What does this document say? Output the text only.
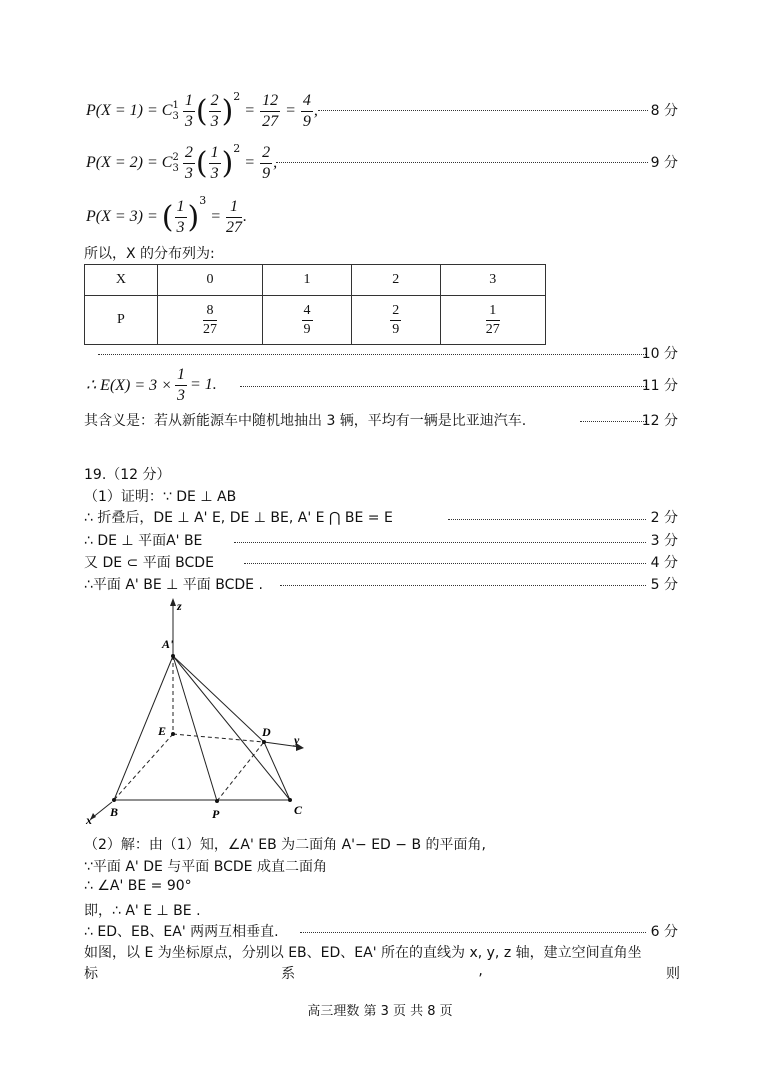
P(X = 1) = C 1
$3 \frac{1}{3}$ ( $\frac{2}{3}$ ) 2
= $\frac{12}{27} = \frac{4}{9}$ ,	8 分
P(X = 2) = C 2
$3 \frac{2}{3}$ ( $\frac{1}{3}$ ) 2
= $\frac{2}{9}$ ,	9 分
P(X = 3) = ( $\frac{1}{3}$ ) 3
= $\frac{1}{27}$ .
所以，X 的分布列为:
X	0	1	2	3
P	$\frac{8}{27}$	$\frac{4}{9}$	$\frac{2}{9}$	$\frac{1}{27}$
10 分
∴ $E(X) = 3 \times \frac{1}{3} = 1$.	11 分
其含义是：若从新能源车中随机地抽出 3 辆，平均有一辆是比亚迪汽车.	12 分
19.（12 分）
（1）证明：∵ DE ⊥ AB
∴ 折叠后，DE ⊥ A' E, DE ⊥ BE, A' E ⋂ BE = E	2 分
∴ DE ⊥ 平面A' BE	3 分
又 DE ⊂ 平面 BCDE	4 分
∴平面 A' BE ⊥ 平面 BCDE .	5 分
z
A'
E	D
y
x
B	P	C
（2）解：由（1）知，∠A' EB 为二面角 A'− ED − B 的平面角,
∵平面 A' DE 与平面 BCDE 成直二面角
∴ ∠A' BE = 90°
即，∴ A' E ⊥ BE .
∴ ED、EB、EA' 两两互相垂直.	6 分
如图，以 E 为坐标原点，分别以 EB、ED、EA' 所在的直线为 x, y, z 轴，建立空间直角坐
标	系	,	则
高三理数 第 3 页 共 8 页
